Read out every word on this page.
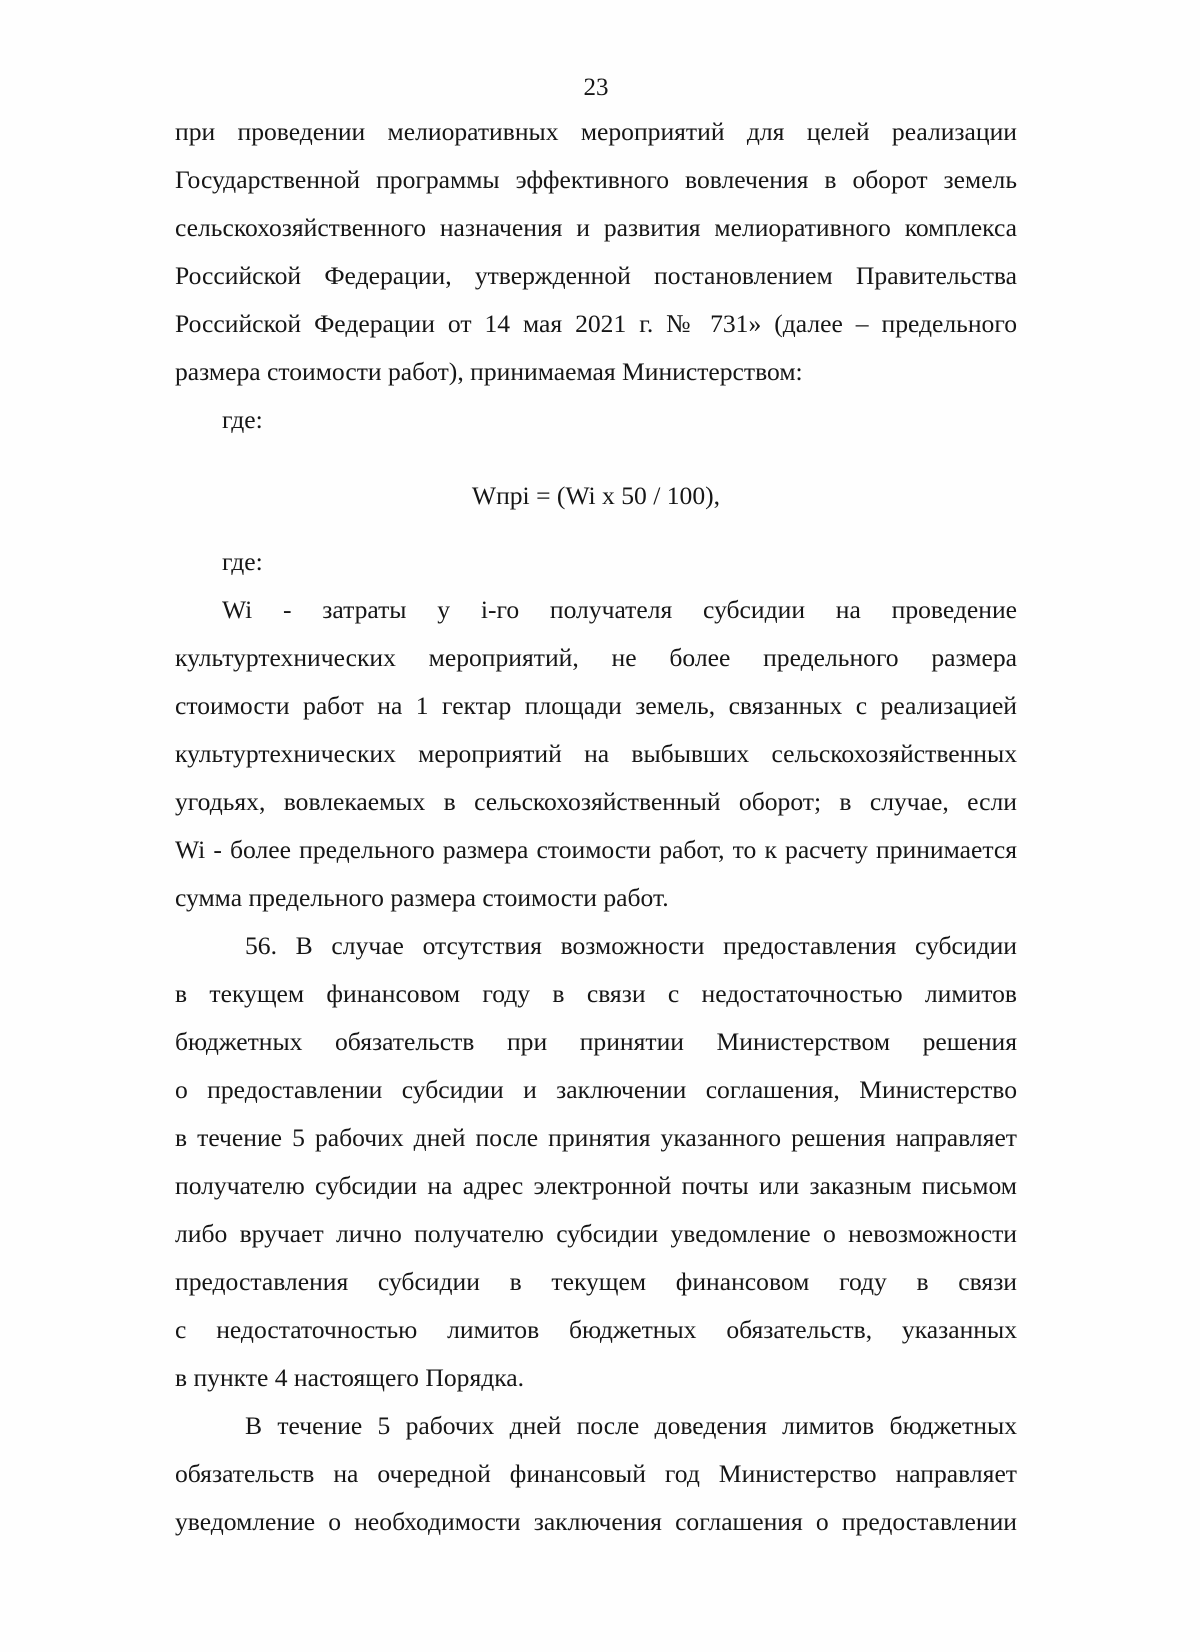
23
при проведении мелиоративных мероприятий для целей реализации
Государственной программы эффективного вовлечения в оборот земель
сельскохозяйственного назначения и развития мелиоративного комплекса
Российской Федерации, утвержденной постановлением Правительства
Российской Федерации от 14 мая 2021 г. № 731» (далее – предельного
размера стоимости работ), принимаемая Министерством:
где:
Wпрi = (Wi x 50 / 100),
где:
Wi - затраты у i-го получателя субсидии на проведение
культуртехнических мероприятий, не более предельного размера
стоимости работ на 1 гектар площади земель, связанных с реализацией
культуртехнических мероприятий на выбывших сельскохозяйственных
угодьях, вовлекаемых в сельскохозяйственный оборот; в случае, если
Wi - более предельного размера стоимости работ, то к расчету принимается
сумма предельного размера стоимости работ.
56. В случае отсутствия возможности предоставления субсидии
в текущем финансовом году в связи с недостаточностью лимитов
бюджетных обязательств при принятии Министерством решения
о предоставлении субсидии и заключении соглашения, Министерство
в течение 5 рабочих дней после принятия указанного решения направляет
получателю субсидии на адрес электронной почты или заказным письмом
либо вручает лично получателю субсидии уведомление о невозможности
предоставления субсидии в текущем финансовом году в связи
с недостаточностью лимитов бюджетных обязательств, указанных
в пункте 4 настоящего Порядка.
В течение 5 рабочих дней после доведения лимитов бюджетных
обязательств на очередной финансовый год Министерство направляет
уведомление о необходимости заключения соглашения о предоставлении
